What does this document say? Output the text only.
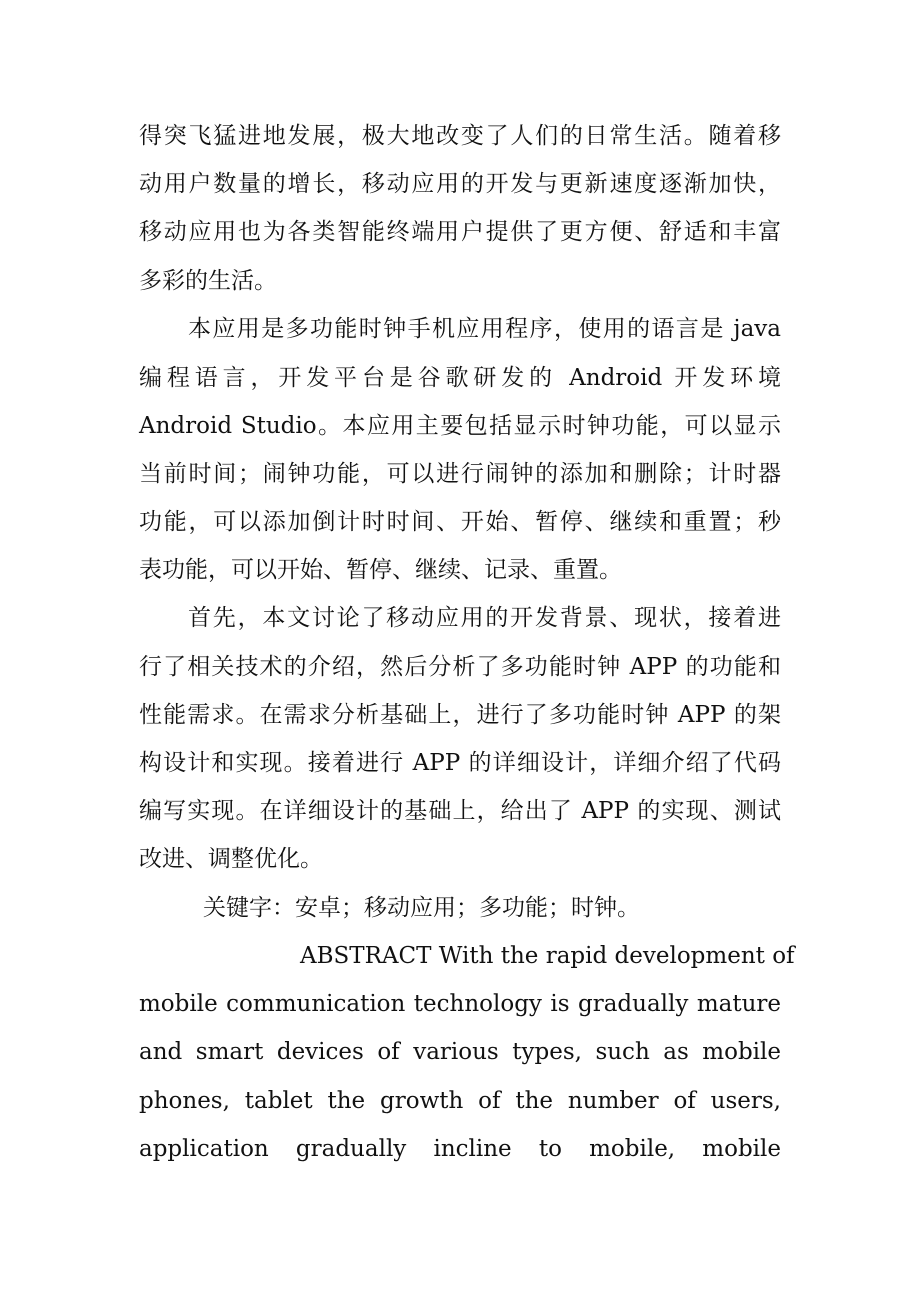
得突飞猛进地发展，极大地改变了人们的日常生活。随着移
动用户数量的增长，移动应用的开发与更新速度逐渐加快，
移动应用也为各类智能终端用户提供了更方便、舒适和丰富
多彩的生活。
本应用是多功能时钟手机应用程序，使用的语言是 java
编程语言，开发平台是谷歌研发的 Android 开发环境
Android Studio。本应用主要包括显示时钟功能，可以显示
当前时间；闹钟功能，可以进行闹钟的添加和删除；计时器
功能，可以添加倒计时时间、开始、暂停、继续和重置；秒
表功能，可以开始、暂停、继续、记录、重置。
首先，本文讨论了移动应用的开发背景、现状，接着进
行了相关技术的介绍，然后分析了多功能时钟 APP 的功能和
性能需求。在需求分析基础上，进行了多功能时钟 APP 的架
构设计和实现。接着进行 APP 的详细设计，详细介绍了代码
编写实现。在详细设计的基础上，给出了 APP 的实现、测试
改进、调整优化。
关键字：安卓；移动应用；多功能；时钟。
ABSTRACT With the rapid development of
mobile communication technology is gradually mature
and smart devices of various types, such as mobile
phones, tablet the growth of the number of users,
application gradually incline to mobile, mobile
